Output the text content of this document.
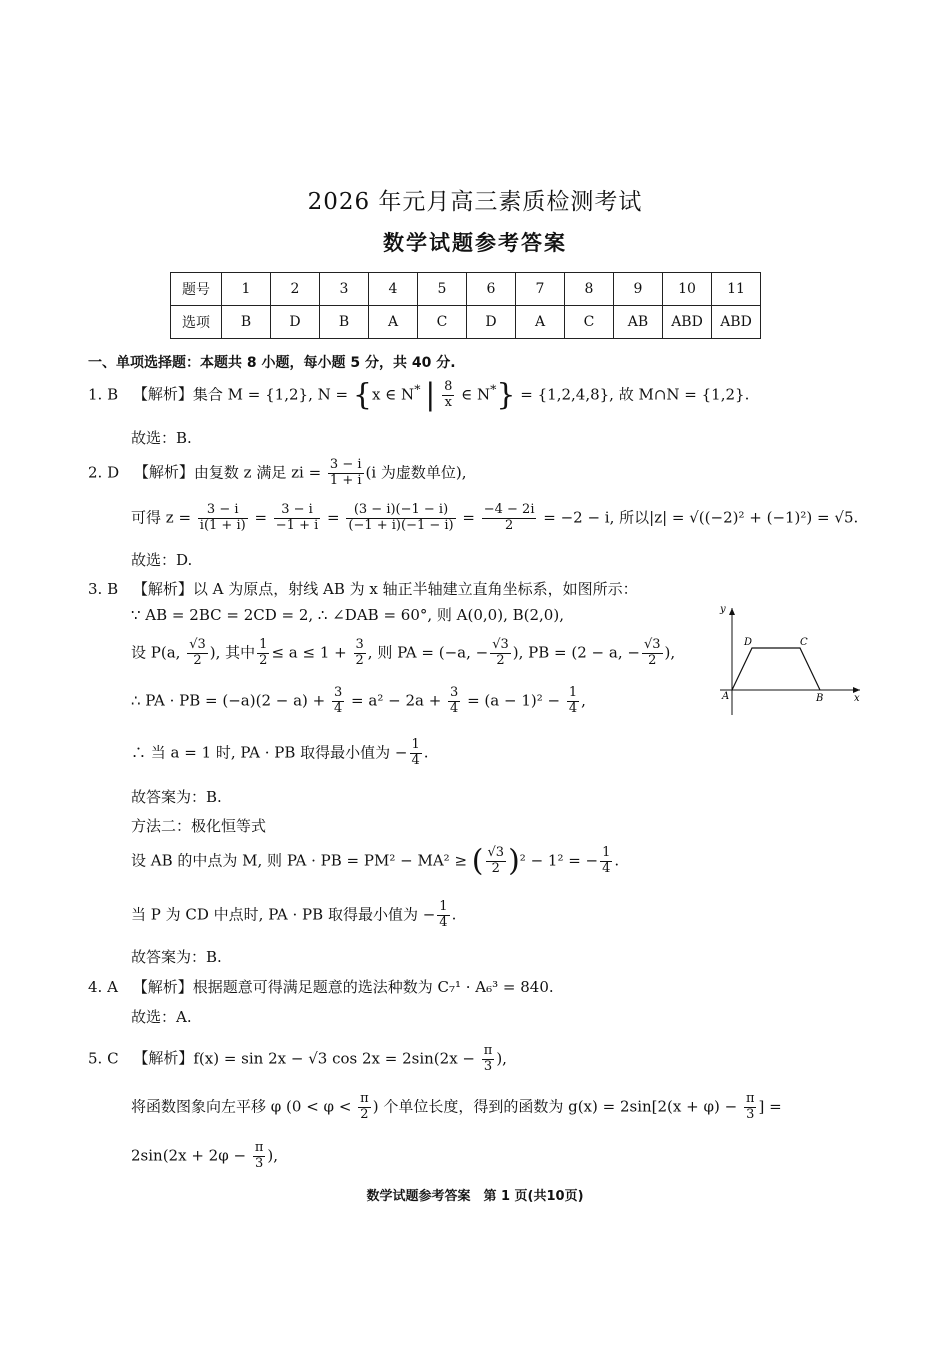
2026 年元月高三素质检测考试
数学试题参考答案
题号	1	2	3	4	5	6	7	8	9	10	11
选项	B	D	B	A	C	D	A	C	AB	ABD	ABD
一、单项选择题：本题共 8 小题，每小题 5 分，共 40 分.
1. B 【解析】集合 M = {1,2}, N = {x ∈ N* | $\frac{8}{x}$ ∈ N*} = {1,2,4,8}, 故 M∩N = {1,2}.
故选：B.
2. D 【解析】由复数 z 满足 zi = $\frac{3 - i}{1 + i} (i$ 为虚数单位),
可得 $z = \frac{3 - i}{i(1 + i)} = \frac{3 - i}{-1 + i} = \frac{(3 - i)(-1 - i)}{(-1 + i)(-1 - i)} = \frac{-4 - 2i}{2} = -2 - i$, 所以|z| = √((−2)² + (−1)²) = √5.
故选：D.
3. B 【解析】以 A 为原点，射线 AB 为 x 轴正半轴建立直角坐标系，如图所示：
∵ AB = 2BC = 2CD = 2, ∴ ∠DAB = 60°, 则 A(0,0), B(2,0),
设 P(a, $\frac{√3}{2}$ ), 其中 $\frac{1}{2} \le a \le 1 + \frac{3}{2}$ , 则 PA = (−a, − $\frac{√3}{2}$ ), PB = (2 − a, − $\frac{√3}{2}$ ),
∴ PA · PB = $(-a)(2 - a) + \frac{3}{4} = a^2 - 2a + \frac{3}{4} = (a - 1)^2 - \frac{1}{4}$ ,
∴ 当 a = 1 时, PA · PB 取得最小值为 − $\frac{1}{4}$ .
故答案为：B.
方法二：极化恒等式
设 AB 的中点为 M, 则 PA · PB = PM² − MA² ≥ ( $\frac{√3}{2} )^2 - 1^2$ = − $\frac{1}{4}$ .
当 P 为 CD 中点时, PA · PB 取得最小值为 − $\frac{1}{4}$ .
故答案为：B.
A	B
C
D
x
y
4. A 【解析】根据题意可得满足题意的选法种数为 C₇¹ · A₆³ = 840.
故选：A.
5. C 【解析】f(x) = sin 2x − √3 $\cos 2x = 2\sin(2x - \frac{\pi}{3}$ ),
将函数图象向左平移 φ ($0 < \varphi < \frac{\pi}{2}$ ) 个单位长度，得到的函数为 $g(x) = 2\sin[2(x + \varphi) - \frac{\pi}{3}$ ] =
$2\sin(2x + 2\varphi - \frac{\pi}{3}$ ),
数学试题参考答案　第 1 页(共10页)
